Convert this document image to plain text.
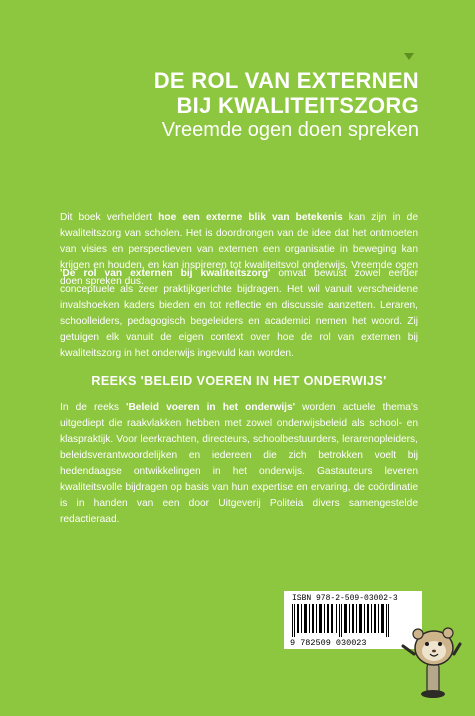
DE ROL VAN EXTERNEN
BIJ KWALITEITSZORG
Vreemde ogen doen spreken

Dit boek verheldert hoe een externe blik van betekenis kan zijn in de kwaliteitszorg van scholen. Het is doordrongen van de idee dat het ontmoeten van visies en perspectieven van externen een organisatie in beweging kan krijgen en houden, en kan inspireren tot kwaliteitsvol onderwijs. Vreemde ogen doen spreken dus.

'De rol van externen bij kwaliteitszorg' omvat bewust zowel eerder conceptuele als zeer praktijkgerichte bijdragen. Het wil vanuit verscheidene invalshoeken kaders bieden en tot reflectie en discussie aanzetten. Leraren, schoolleiders, pedagogisch begeleiders en academici nemen het woord. Zij getuigen elk vanuit de eigen context over hoe de rol van externen bij kwaliteitszorg in het onderwijs ingevuld kan worden.

REEKS 'BELEID VOEREN IN HET ONDERWIJS'

In de reeks 'Beleid voeren in het onderwijs' worden actuele thema's uitgediept die raakvlakken hebben met zowel onderwijsbeleid als school- en klaspraktijk. Voor leerkrachten, directeurs, schoolbestuurders, lerarenopleiders, beleidsverantwoordelijken en iedereen die zich betrokken voelt bij hedendaagse ontwikkelingen in het onderwijs. Gastauteurs leveren kwaliteitsvolle bijdragen op basis van hun expertise en ervaring, de coördinatie is in handen van een door Uitgeverij Politeia divers samengestelde redactieraad.

ISBN 978-2-509-03002-3
9 782509 030023
